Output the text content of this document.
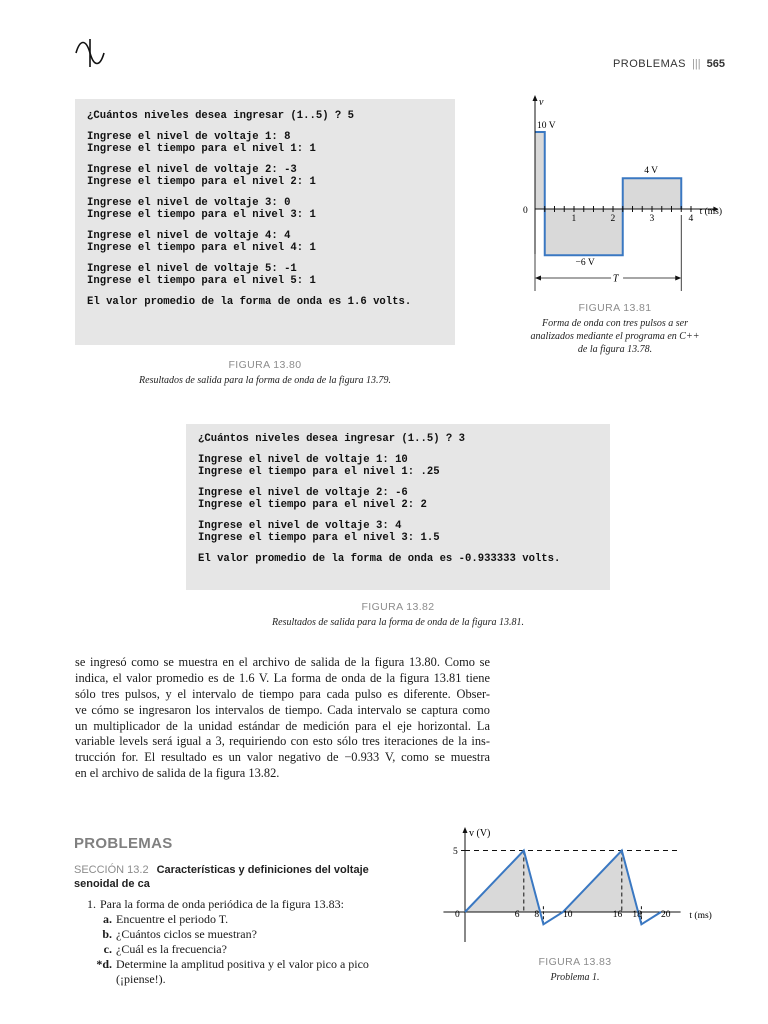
PROBLEMAS ||| 565
¿Cuántos niveles desea ingresar (1..5) ? 5
Ingrese el nivel de voltaje 1: 8
Ingrese el tiempo para el nivel 1: 1
Ingrese el nivel de voltaje 2: -3
Ingrese el tiempo para el nivel 2: 1
Ingrese el nivel de voltaje 3: 0
Ingrese el tiempo para el nivel 3: 1
Ingrese el nivel de voltaje 4: 4
Ingrese el tiempo para el nivel 4: 1
Ingrese el nivel de voltaje 5: -1
Ingrese el tiempo para el nivel 5: 1
El valor promedio de la forma de onda es 1.6 volts.
FIGURA 13.80
Resultados de salida para la forma de onda de la figura 13.79.
v
t (ms)
0
1	2	3	4
10 V
−6 V
4 V
T
FIGURA 13.81
Forma de onda con tres pulsos a ser
analizados mediante el programa en C++
de la figura 13.78.
¿Cuántos niveles desea ingresar (1..5) ? 3
Ingrese el nivel de voltaje 1: 10
Ingrese el tiempo para el nivel 1: .25
Ingrese el nivel de voltaje 2: -6
Ingrese el tiempo para el nivel 2: 2
Ingrese el nivel de voltaje 3: 4
Ingrese el tiempo para el nivel 3: 1.5
El valor promedio de la forma de onda es -0.933333 volts.
FIGURA 13.82
Resultados de salida para la forma de onda de la figura 13.81.
se ingresó como se muestra en el archivo de salida de la figura 13.80. Como se
indica, el valor promedio es de 1.6 V. La forma de onda de la figura 13.81 tiene
sólo tres pulsos, y el intervalo de tiempo para cada pulso es diferente. Obser-
ve cómo se ingresaron los intervalos de tiempo. Cada intervalo se captura como
un multiplicador de la unidad estándar de medición para el eje horizontal. La
variable levels será igual a 3, requiriendo con esto sólo tres iteraciones de la ins-
trucción for. El resultado es un valor negativo de −0.933 V, como se muestra
en el archivo de salida de la figura 13.82.
PROBLEMAS
SECCIÓN 13.2 Características y definiciones del voltaje
senoidal de ca
1. Para la forma de onda periódica de la figura 13.83:
a. Encuentre el periodo T.
b. ¿Cuántos ciclos se muestran?
c. ¿Cuál es la frecuencia?
*d. Determine la amplitud positiva y el valor pico a pico
(¡piense!).
v (V)
t (ms)
0
5
6 8	10	16 18 20
FIGURA 13.83
Problema 1.
